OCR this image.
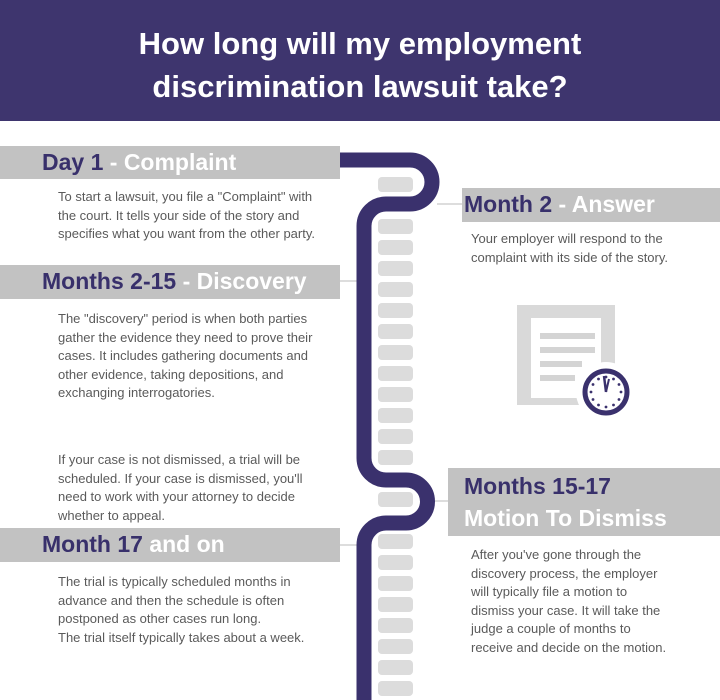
How long will my employment
discrimination lawsuit take?
Day 1 - Complaint

To start a lawsuit, you file a "Complaint" with

the court. It tells your side of the story and

specifies what you want from the other party.

Month 2 - Answer

Your employer will respond to the

complaint with its side of the story.

Months 2-15 - Discovery

The "discovery" period is when both parties

gather the evidence they need to prove their

cases. It includes gathering documents and

other evidence, taking depositions, and

exchanging interrogatories.

If your case is not dismissed, a trial will be

scheduled. If your case is dismissed, you'll

need to work with your attorney to decide

whether to appeal.

Months 15-17
Motion To Dismiss

After you've gone through the

discovery process, the employer

will typically file a motion to

dismiss your case. It will take the

judge a couple of months to

receive and decide on the motion.

Month 17 and on

The trial is typically scheduled months in

advance and then the schedule is often

postponed as other cases run long.

The trial itself typically takes about a week.
